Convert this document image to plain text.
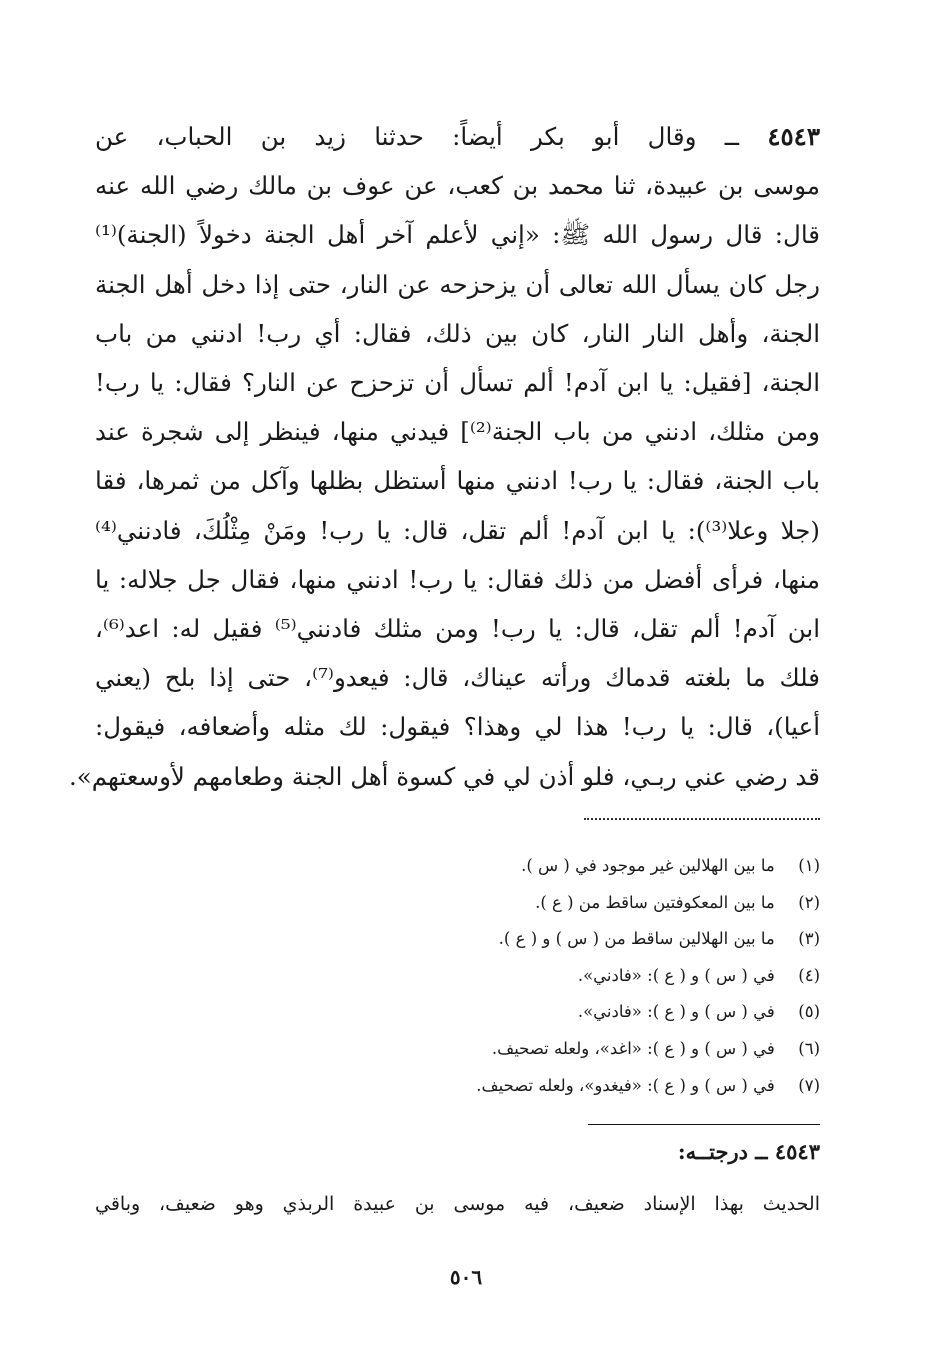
٤٥٤٣ ــ وقال أبو بكر أيضاً: حدثنا زيد بن الحباب، عن
موسى بن عبيدة، ثنا محمد بن كعب، عن عوف بن مالك رضي الله عنه
قال: قال رسول الله ﷺ: «إني لأعلم آخر أهل الجنة دخولاً (الجنة)⁽¹⁾
رجل كان يسأل الله تعالى أن يزحزحه عن النار، حتى إذا دخل أهل الجنة
الجنة، وأهل النار النار، كان بين ذلك، فقال: أي رب! ادنني من باب
الجنة، [فقيل: يا ابن آدم! ألم تسأل أن تزحزح عن النار؟ فقال: يا رب!
ومن مثلك، ادنني من باب الجنة⁽²⁾] فيدني منها، فينظر إلى شجرة عند
باب الجنة، فقال: يا رب! ادنني منها أستظل بظلها وآكل من ثمرها، فقا
(جلا وعلا⁽³⁾): يا ابن آدم! ألم تقل، قال: يا رب! ومَنْ مِثْلُكَ، فادنني⁽⁴⁾
منها، فرأى أفضل من ذلك فقال: يا رب! ادنني منها، فقال جل جلاله: يا
ابن آدم! ألم تقل، قال: يا رب! ومن مثلك فادنني⁽⁵⁾ فقيل له: اعد⁽⁶⁾،
فلك ما بلغته قدماك ورأته عيناك، قال: فيعدو⁽⁷⁾، حتى إذا بلح (يعني
أعيا)، قال: يا رب! هذا لي وهذا؟ فيقول: لك مثله وأضعافه، فيقول:
قد رضي عني ربـي، فلو أذن لي في كسوة أهل الجنة وطعامهم لأوسعتهم».
(١) ما بين الهلالين غير موجود في ( س ).
(٢) ما بين المعكوفتين ساقط من ( ع ).
(٣) ما بين الهلالين ساقط من ( س ) و ( ع ).
(٤) في ( س ) و ( ع ): «فادني».
(٥) في ( س ) و ( ع ): «فادني».
(٦) في ( س ) و ( ع ): «اغد»، ولعله تصحيف.
(٧) في ( س ) و ( ع ): «فيغدو»، ولعله تصحيف.
٤٥٤٣ ــ درجتــه:
الحديث بهذا الإسناد ضعيف، فيه موسى بن عبيدة الربذي وهو ضعيف، وباقي
٥٠٦
